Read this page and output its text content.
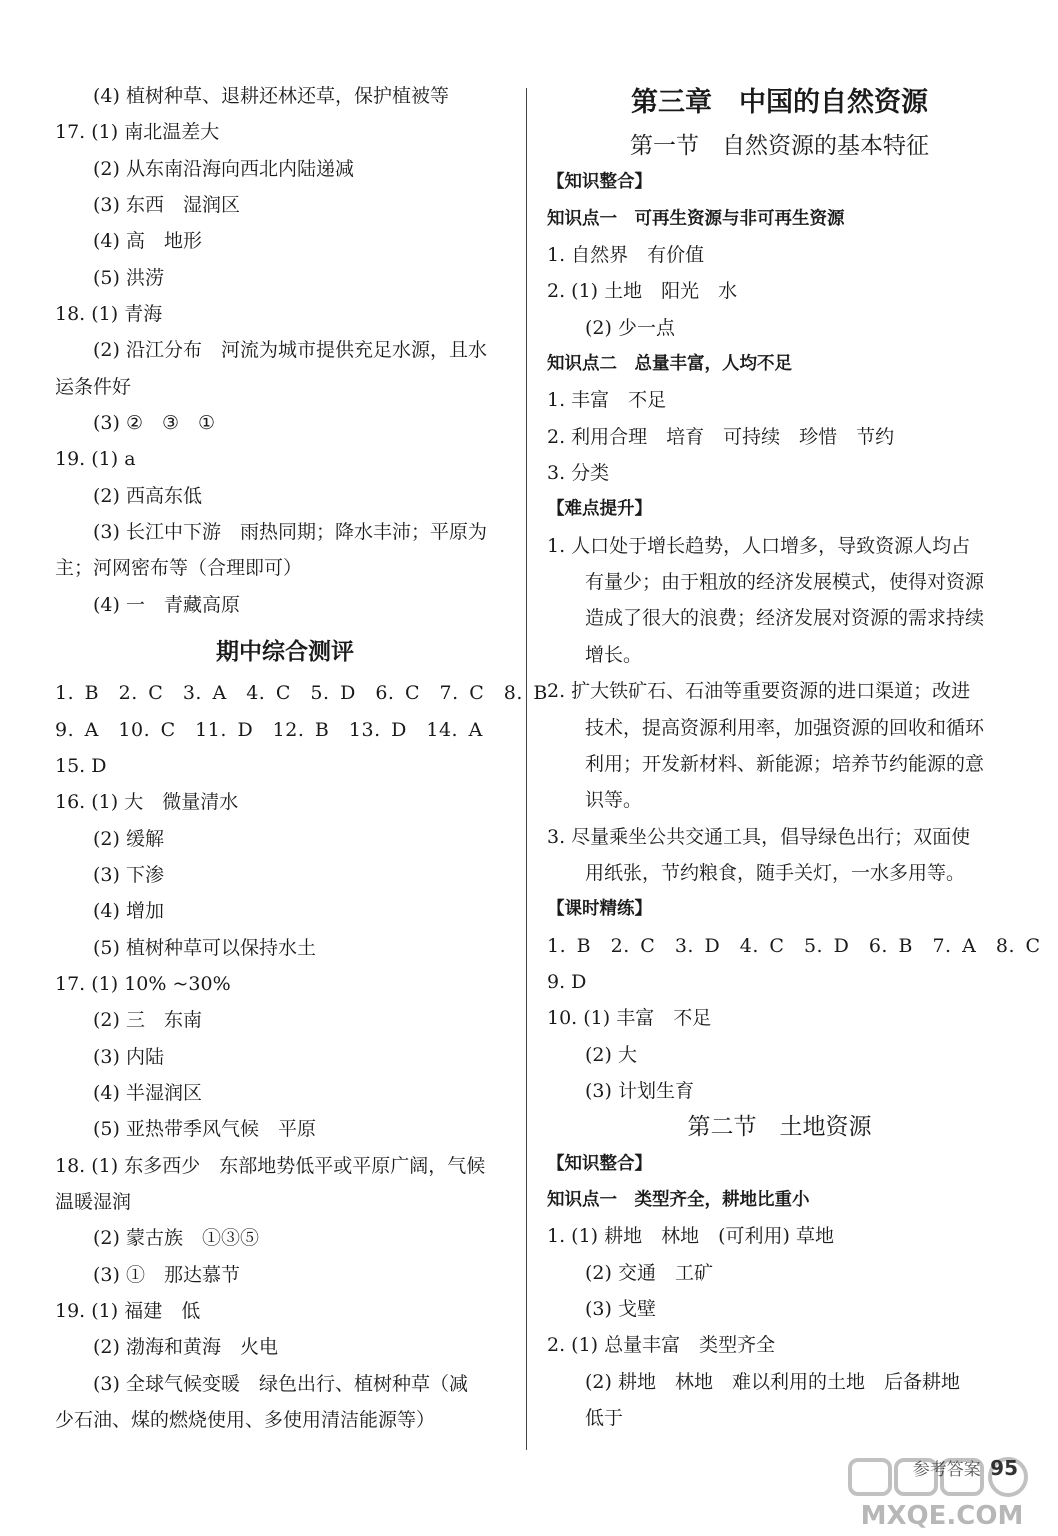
(4) 植树种草、退耕还林还草，保护植被等
17. (1) 南北温差大
(2) 从东南沿海向西北内陆递减
(3) 东西　湿润区
(4) 高　地形
(5) 洪涝
18. (1) 青海
(2) 沿江分布　河流为城市提供充足水源，且水
运条件好
(3) ②　③　①
19. (1) a
(2) 西高东低
(3) 长江中下游　雨热同期；降水丰沛；平原为
主；河网密布等（合理即可）
(4) 一　青藏高原
期中综合测评
1. B　2. C　3. A　4. C　5. D　6. C　7. C　8. B
9. A　10. C　11. D　12. B　13. D　14. A
15. D
16. (1) 大　微量清水
(2) 缓解
(3) 下渗
(4) 增加
(5) 植树种草可以保持水土
17. (1) 10% ~30%
(2) 三　东南
(3) 内陆
(4) 半湿润区
(5) 亚热带季风气候　平原
18. (1) 东多西少　东部地势低平或平原广阔，气候
温暖湿润
(2) 蒙古族　①③⑤
(3) ①　那达慕节
19. (1) 福建　低
(2) 渤海和黄海　火电
(3) 全球气候变暖　绿色出行、植树种草（减
少石油、煤的燃烧使用、多使用清洁能源等）
第三章　中国的自然资源
第一节　自然资源的基本特征
【知识整合】
知识点一　可再生资源与非可再生资源
1. 自然界　有价值
2. (1) 土地　阳光　水
(2) 少一点
知识点二　总量丰富，人均不足
1. 丰富　不足
2. 利用合理　培育　可持续　珍惜　节约
3. 分类
【难点提升】
1. 人口处于增长趋势，人口增多，导致资源人均占
有量少；由于粗放的经济发展模式，使得对资源
造成了很大的浪费；经济发展对资源的需求持续
增长。
2. 扩大铁矿石、石油等重要资源的进口渠道；改进
技术，提高资源利用率，加强资源的回收和循环
利用；开发新材料、新能源；培养节约能源的意
识等。
3. 尽量乘坐公共交通工具，倡导绿色出行；双面使
用纸张，节约粮食，随手关灯，一水多用等。
【课时精练】
1. B　2. C　3. D　4. C　5. D　6. B　7. A　8. C
9. D
10. (1) 丰富　不足
(2) 大
(3) 计划生育
第二节　土地资源
【知识整合】
知识点一　类型齐全，耕地比重小
1. (1) 耕地　林地　(可利用) 草地
(2) 交通　工矿
(3) 戈壁
2. (1) 总量丰富　类型齐全
(2) 耕地　林地　难以利用的土地　后备耕地
低于
参考答案 95
MXQE.COM
